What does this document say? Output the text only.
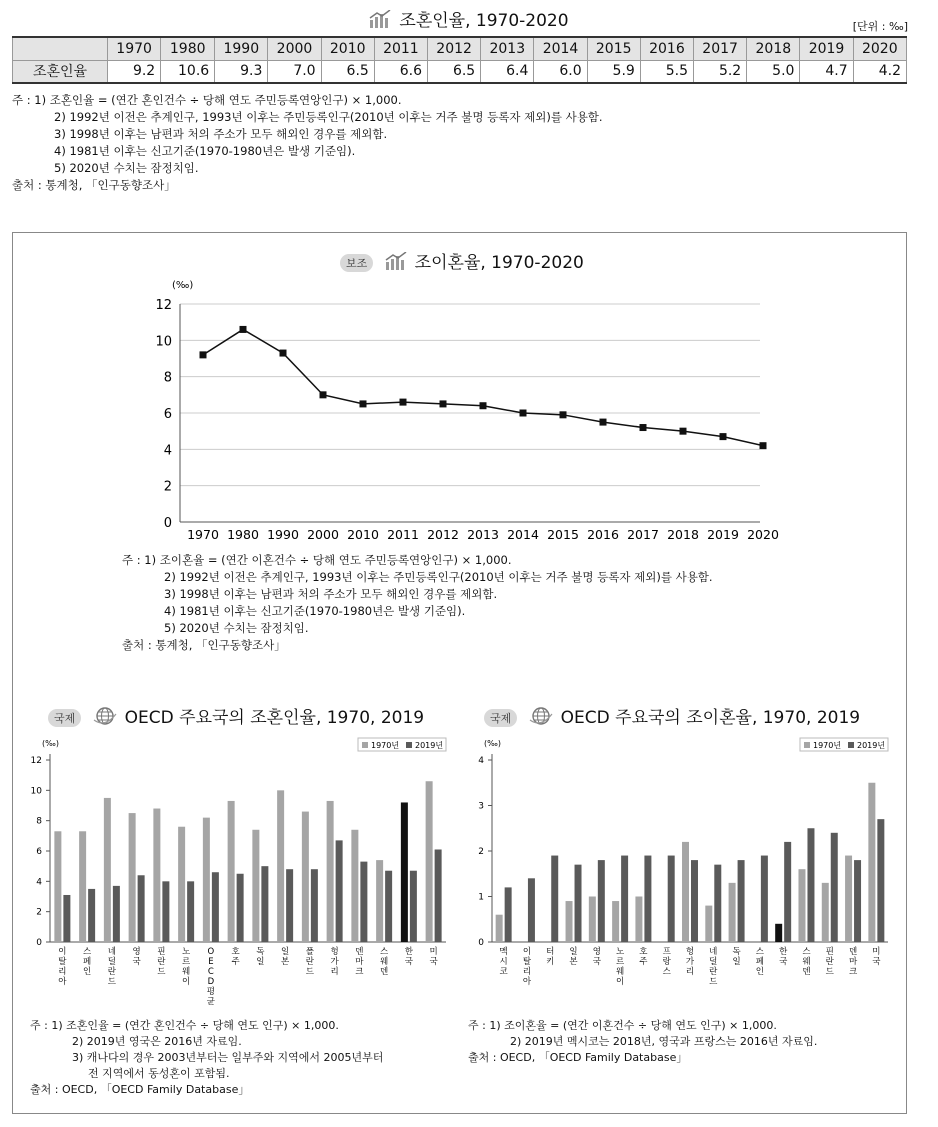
조혼인율, 1970-2020	[단위 : ‰]
	1970	1980	1990	2000	2010	2011	2012	2013	2014	2015	2016	2017	2018	2019	2020
조혼인율	9.2	10.6	9.3	7.0	6.5	6.6	6.5	6.4	6.0	5.9	5.5	5.2	5.0	4.7	4.2
주 : 1) 조혼인율 = (연간 혼인건수 ÷ 당해 연도 주민등록연앙인구) × 1,000.
2) 1992년 이전은 추계인구, 1993년 이후는 주민등록인구(2010년 이후는 거주 불명 등록자 제외)를 사용함.
3) 1998년 이후는 남편과 처의 주소가 모두 해외인 경우를 제외함.
4) 1981년 이후는 신고기준(1970-1980년은 발생 기준임).
5) 2020년 수치는 잠정치임.
출처 : 통계청, 「인구동향조사」
보조	조이혼율, 1970-2020
(‰)
0
2
4
6
8
10
12
1970 1980 1990 2000 2010 2011 2012 2013 2014 2015 2016 2017 2018 2019 2020
주 : 1) 조이혼율 = (연간 이혼건수 ÷ 당해 연도 주민등록연앙인구) × 1,000.
2) 1992년 이전은 추계인구, 1993년 이후는 주민등록인구(2010년 이후는 거주 불명 등록자 제외)를 사용함.
3) 1998년 이후는 남편과 처의 주소가 모두 해외인 경우를 제외함.
4) 1981년 이후는 신고기준(1970-1980년은 발생 기준임).
5) 2020년 수치는 잠정치임.
출처 : 통계청, 「인구동향조사」
국제	OECD 주요국의 조혼인율, 1970, 2019	국제	OECD 주요국의 조이혼율, 1970, 2019
(‰)	1970년 2019년
0
2
4
6
8
10
12
이 탈 리 아
스 페 인
네 덜 란 드
영 국
핀 란 드
노 르 웨 이
O E C D 평 균
호 주
독 일
일 본
폴 란 드
헝 가 리
덴 마 크
스 웨 덴
한 국
미 국
(‰)	1970년 2019년
0
1
2
3
4
멕 시 코
이 탈 리 아
터 키
일 본
영 국
노 르 웨 이
호 주
프 랑 스
헝 가 리
네 덜 란 드
독 일
스 페 인
한 국
스 웨 덴
핀 란 드
덴 마 크
미 국
주 : 1) 조혼인율 = (연간 혼인건수 ÷ 당해 연도 인구) × 1,000.
2) 2019년 영국은 2016년 자료임.
3) 캐나다의 경우 2003년부터는 일부주와 지역에서 2005년부터
전 지역에서 동성혼이 포함됨.
출처 : OECD, 「OECD Family Database」
주 : 1) 조이혼율 = (연간 이혼건수 ÷ 당해 연도 인구) × 1,000.
2) 2019년 멕시코는 2018년, 영국과 프랑스는 2016년 자료임.
출처 : OECD, 「OECD Family Database」
